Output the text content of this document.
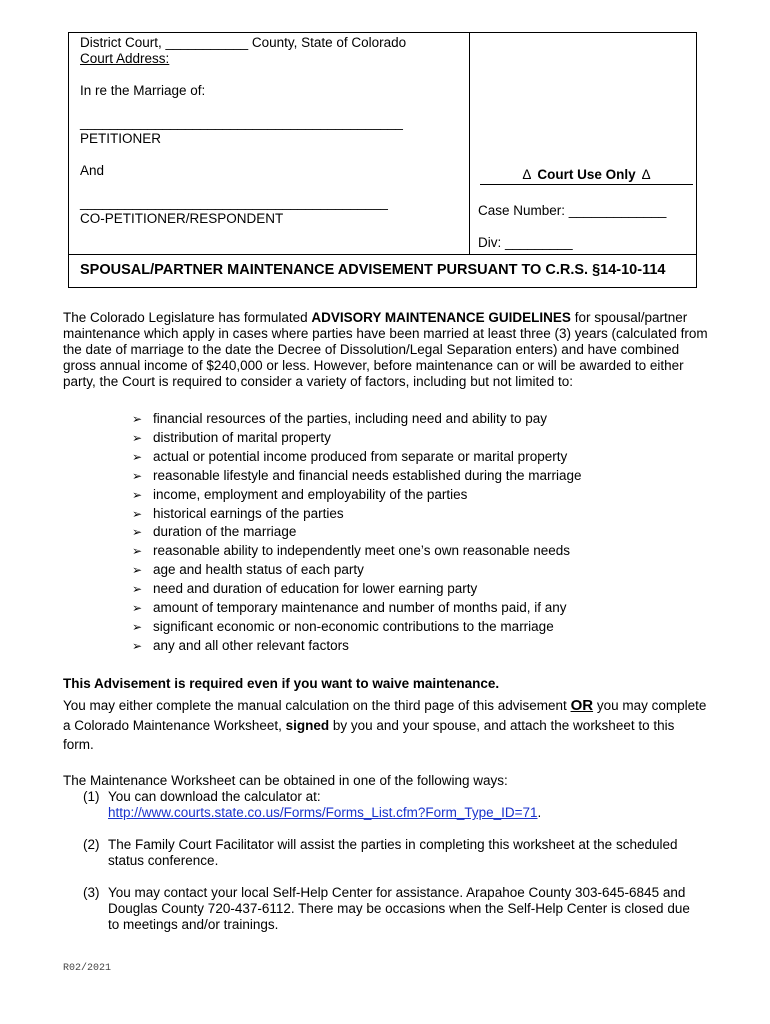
District Court, ___________ County, State of Colorado
Court Address:
In re the Marriage of:
___________________________________________
PETITIONER
And
_________________________________________
CO-PETITIONER/RESPONDENT
Δ Court Use Only Δ
Case Number: _____________
Div: _________
SPOUSAL/PARTNER MAINTENANCE ADVISEMENT PURSUANT TO C.R.S. §14-10-114
The Colorado Legislature has formulated ADVISORY MAINTENANCE GUIDELINES for spousal/partner maintenance which apply in cases where parties have been married at least three (3) years (calculated from the date of marriage to the date the Decree of Dissolution/Legal Separation enters) and have combined gross annual income of $240,000 or less. However, before maintenance can or will be awarded to either party, the Court is required to consider a variety of factors, including but not limited to:
➢ financial resources of the parties, including need and ability to pay
➢ distribution of marital property
➢ actual or potential income produced from separate or marital property
➢ reasonable lifestyle and financial needs established during the marriage
➢ income, employment and employability of the parties
➢ historical earnings of the parties
➢ duration of the marriage
➢ reasonable ability to independently meet one’s own reasonable needs
➢ age and health status of each party
➢ need and duration of education for lower earning party
➢ amount of temporary maintenance and number of months paid, if any
➢ significant economic or non-economic contributions to the marriage
➢ any and all other relevant factors
This Advisement is required even if you want to waive maintenance.
You may either complete the manual calculation on the third page of this advisement OR you may complete a Colorado Maintenance Worksheet, signed by you and your spouse, and attach the worksheet to this form.
The Maintenance Worksheet can be obtained in one of the following ways:
(1) You can download the calculator at:
http://www.courts.state.co.us/Forms/Forms_List.cfm?Form_Type_ID=71.
(2) The Family Court Facilitator will assist the parties in completing this worksheet at the scheduled status conference.
(3) You may contact your local Self-Help Center for assistance. Arapahoe County 303-645-6845 and Douglas County 720-437-6112. There may be occasions when the Self-Help Center is closed due to meetings and/or trainings.
R02/2021
